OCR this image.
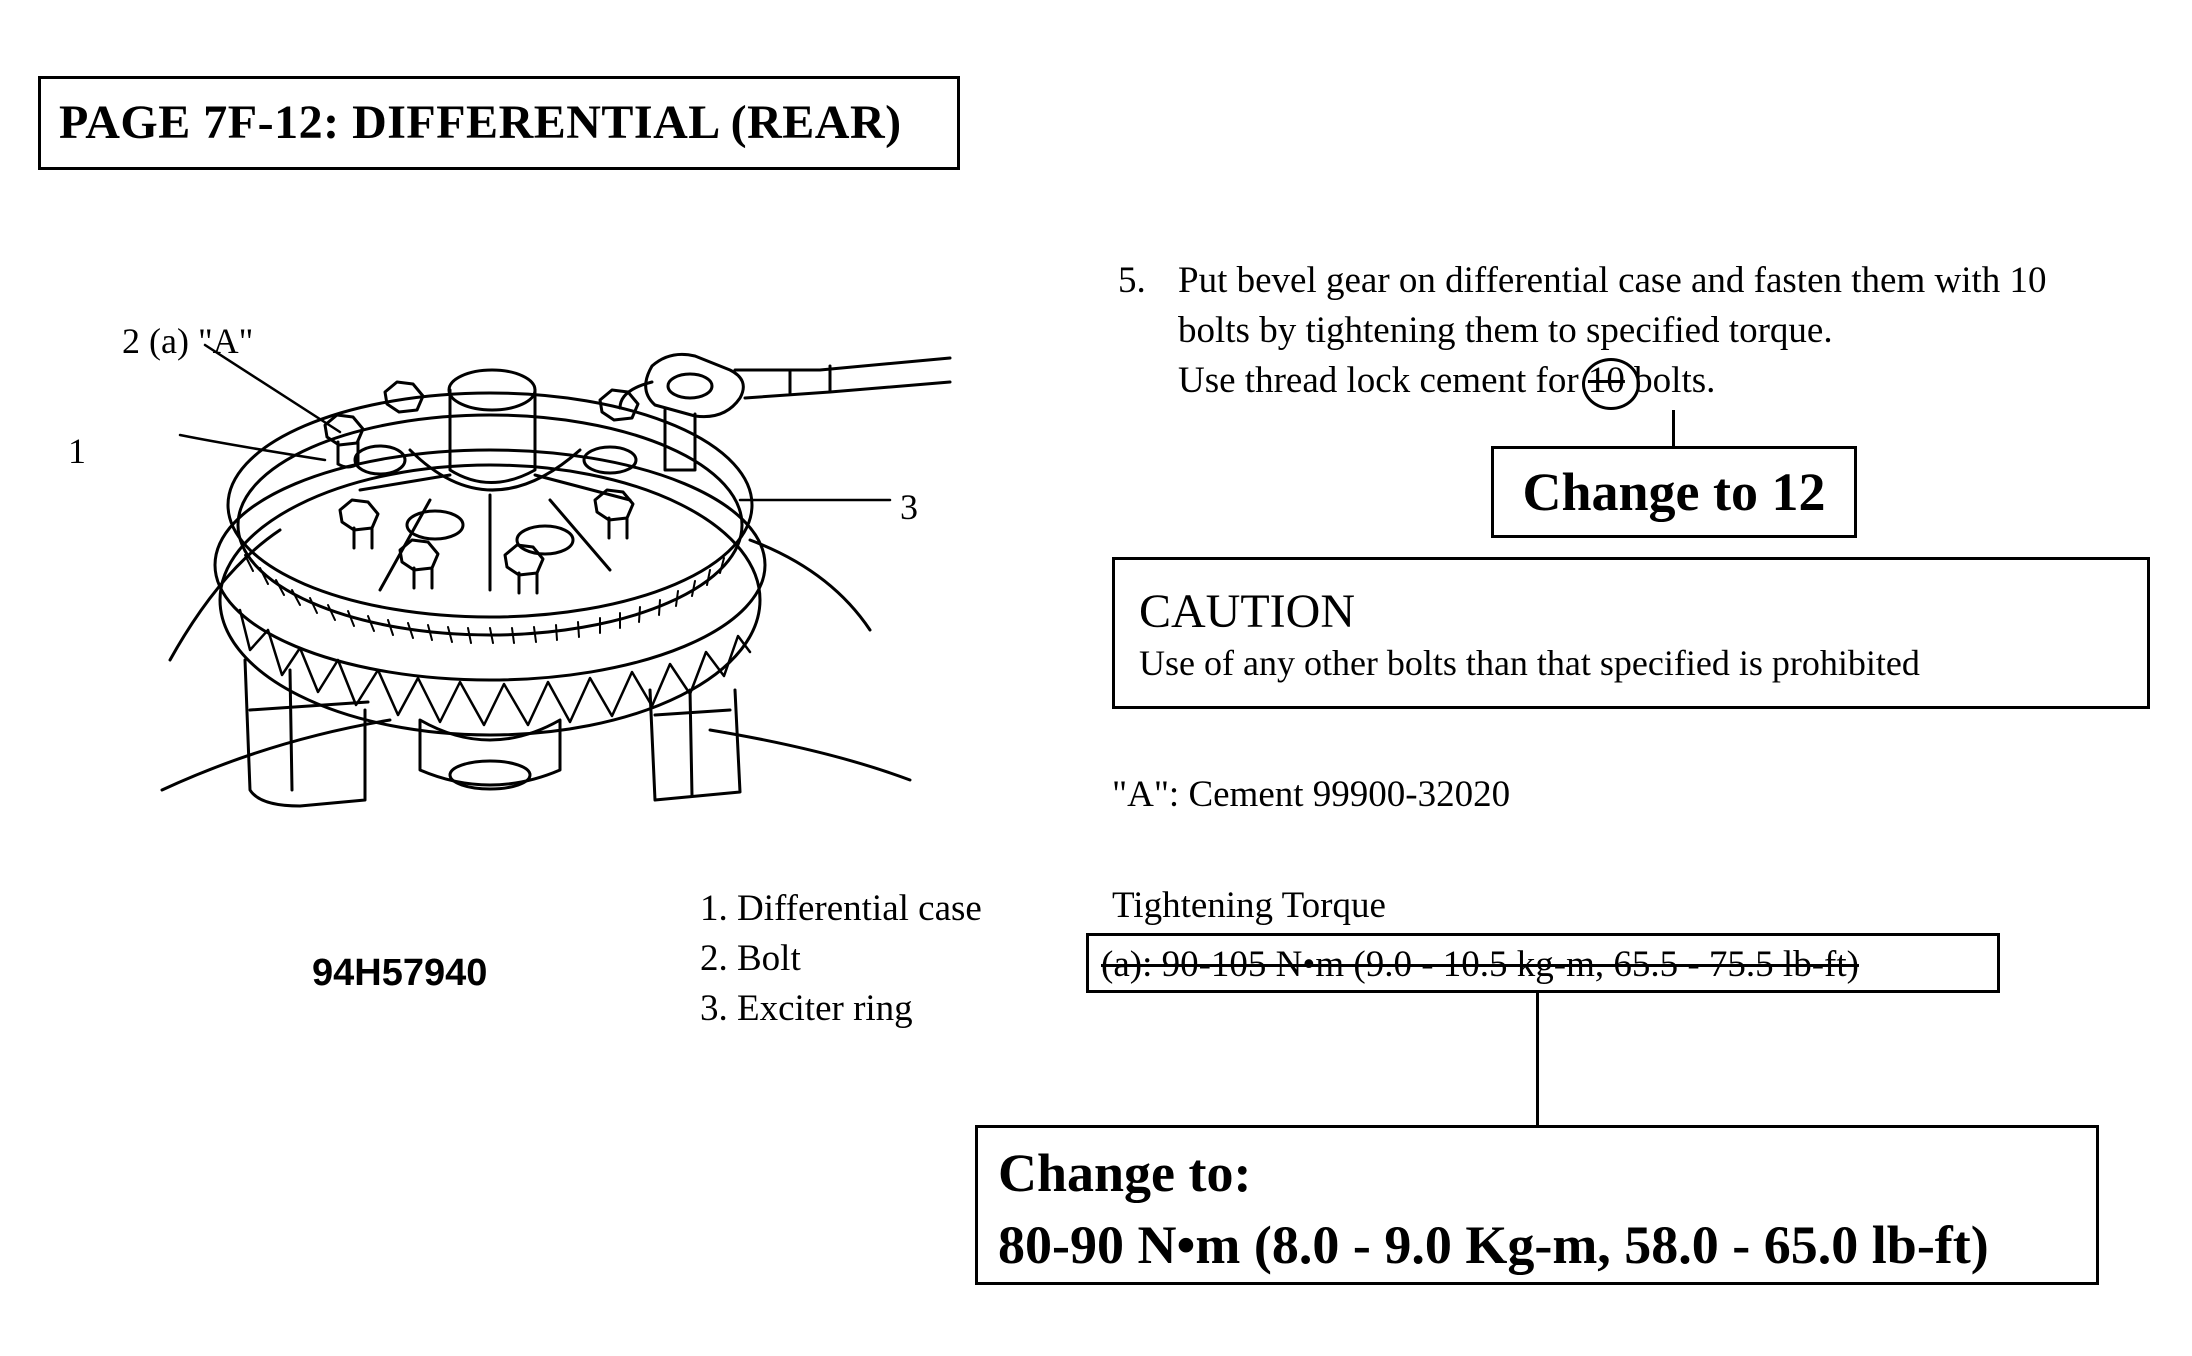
PAGE 7F-12: DIFFERENTIAL (REAR)
2 (a) "A"
1
3
94H57940
1. Differential case
2. Bolt
3. Exciter ring
5. Put bevel gear on differential case and fasten them with 10
bolts by tightening them to specified torque.
Use thread lock cement for
10 bolts.
Change to 12
CAUTION
Use of any other bolts than that specified is prohibited
"A": Cement 99900-32020
Tightening Torque
(a): 90-105 N•m (9.0 - 10.5 kg-m, 65.5 - 75.5 lb-ft)
Change to:
80-90 N•m (8.0 - 9.0 Kg-m, 58.0 - 65.0 lb-ft)
